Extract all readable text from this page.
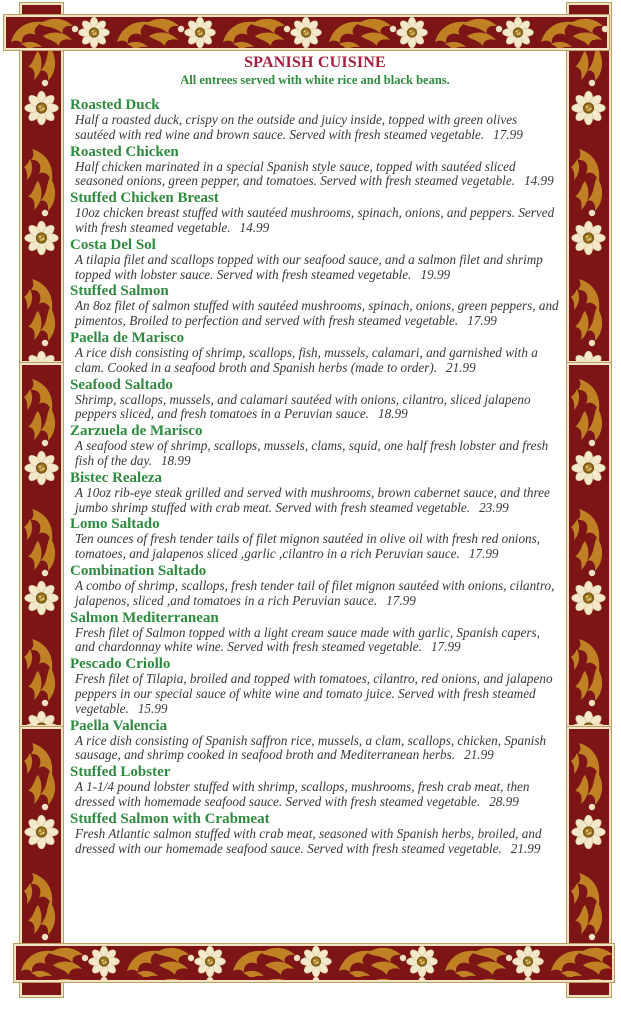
SPANISH CUISINE

All entrees served with white rice and black beans.

Roasted Duck

Half a roasted duck, crispy on the outside and juicy inside, topped with green olives sautéed with red wine and brown sauce. Served with fresh steamed vegetable. 17.99

Roasted Chicken

Half chicken marinated in a special Spanish style sauce, topped with sautéed sliced seasoned onions, green pepper, and tomatoes. Served with fresh steamed vegetable. 14.99

Stuffed Chicken Breast

10oz chicken breast stuffed with sautéed mushrooms, spinach, onions, and peppers. Served with fresh steamed vegetable. 14.99

Costa Del Sol

A tilapia filet and scallops topped with our seafood sauce, and a salmon filet and shrimp topped with lobster sauce. Served with fresh steamed vegetable. 19.99

Stuffed Salmon

An 8oz filet of salmon stuffed with sautéed mushrooms, spinach, onions, green peppers, and pimentos, Broiled to perfection and served with fresh steamed vegetable. 17.99

Paella de Marisco

A rice dish consisting of shrimp, scallops, fish, mussels, calamari, and garnished with a clam. Cooked in a seafood broth and Spanish herbs (made to order). 21.99

Seafood Saltado

Shrimp, scallops, mussels, and calamari sautéed with onions, cilantro, sliced jalapeno peppers sliced, and fresh tomatoes in a Peruvian sauce. 18.99

Zarzuela de Marisco

A seafood stew of shrimp, scallops, mussels, clams, squid, one half fresh lobster and fresh fish of the day. 18.99

Bistec Realeza

A 10oz rib-eye steak grilled and served with mushrooms, brown cabernet sauce, and three jumbo shrimp stuffed with crab meat. Served with fresh steamed vegetable. 23.99

Lomo Saltado

Ten ounces of fresh tender tails of filet mignon sautéed in olive oil with fresh red onions, tomatoes, and jalapenos sliced ,garlic ,cilantro in a rich Peruvian sauce. 17.99

Combination Saltado

A combo of shrimp, scallops, fresh tender tail of filet mignon sautéed with onions, cilantro, jalapenos, sliced ,and tomatoes in a rich Peruvian sauce. 17.99

Salmon Mediterranean

Fresh filet of Salmon topped with a light cream sauce made with garlic, Spanish capers, and chardonnay white wine. Served with fresh steamed vegetable. 17.99

Pescado Criollo

Fresh filet of Tilapia, broiled and topped with tomatoes, cilantro, red onions, and jalapeno peppers in our special sauce of white wine and tomato juice. Served with fresh steamed vegetable. 15.99

Paella Valencia

A rice dish consisting of Spanish saffron rice, mussels, a clam, scallops, chicken, Spanish sausage, and shrimp cooked in seafood broth and Mediterranean herbs. 21.99

Stuffed Lobster

A 1-1/4 pound lobster stuffed with shrimp, scallops, mushrooms, fresh crab meat, then dressed with homemade seafood sauce. Served with fresh steamed vegetable. 28.99

Stuffed Salmon with Crabmeat

Fresh Atlantic salmon stuffed with crab meat, seasoned with Spanish herbs, broiled, and dressed with our homemade seafood sauce. Served with fresh steamed vegetable. 21.99
